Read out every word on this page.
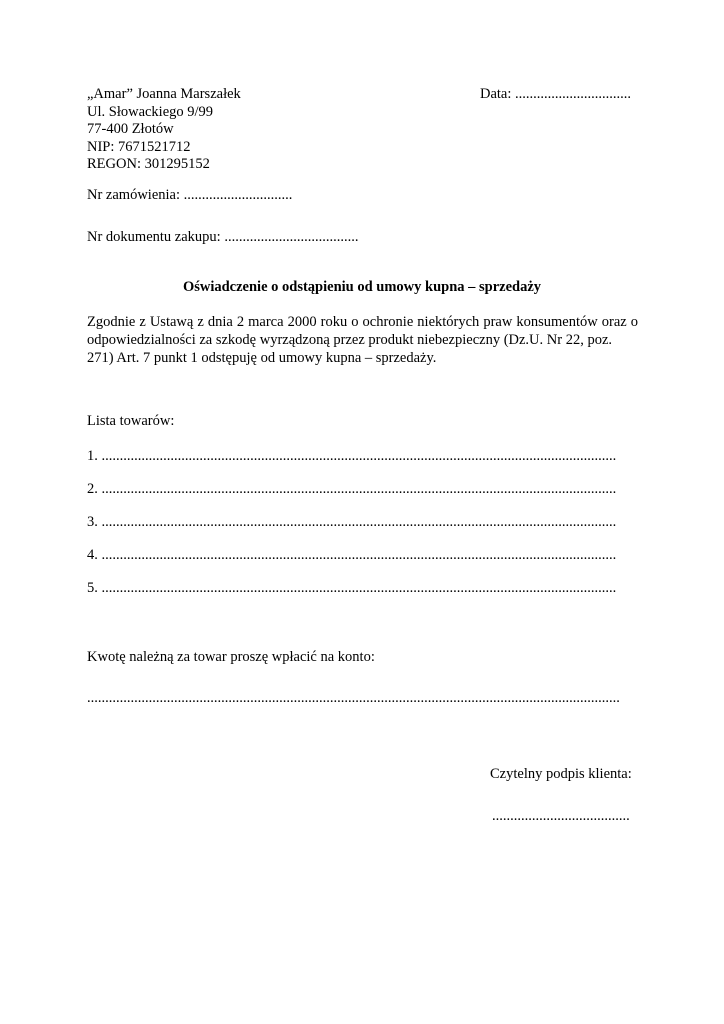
„Amar” Joanna Marszałek
Ul. Słowackiego 9/99
77-400 Złotów
NIP: 7671521712
REGON: 301295152
Data: ................................
Nr zamówienia: ..............................
Nr dokumentu zakupu: .....................................
Oświadczenie o odstąpieniu od umowy kupna – sprzedaży
Zgodnie z Ustawą z dnia 2 marca 2000 roku o ochronie niektórych praw konsumentów oraz o odpowiedzialności za szkodę wyrządzoną przez produkt niebezpieczny (Dz.U. Nr 22, poz.
271) Art. 7 punkt 1 odstępuję od umowy kupna – sprzedaży.
Lista towarów:
1. ..............................................................................................................................................
2. ..............................................................................................................................................
3. ..............................................................................................................................................
4. ..............................................................................................................................................
5. ..............................................................................................................................................
Kwotę należną za towar proszę wpłacić na konto:
...................................................................................................................................................
Czytelny podpis klienta:
......................................
